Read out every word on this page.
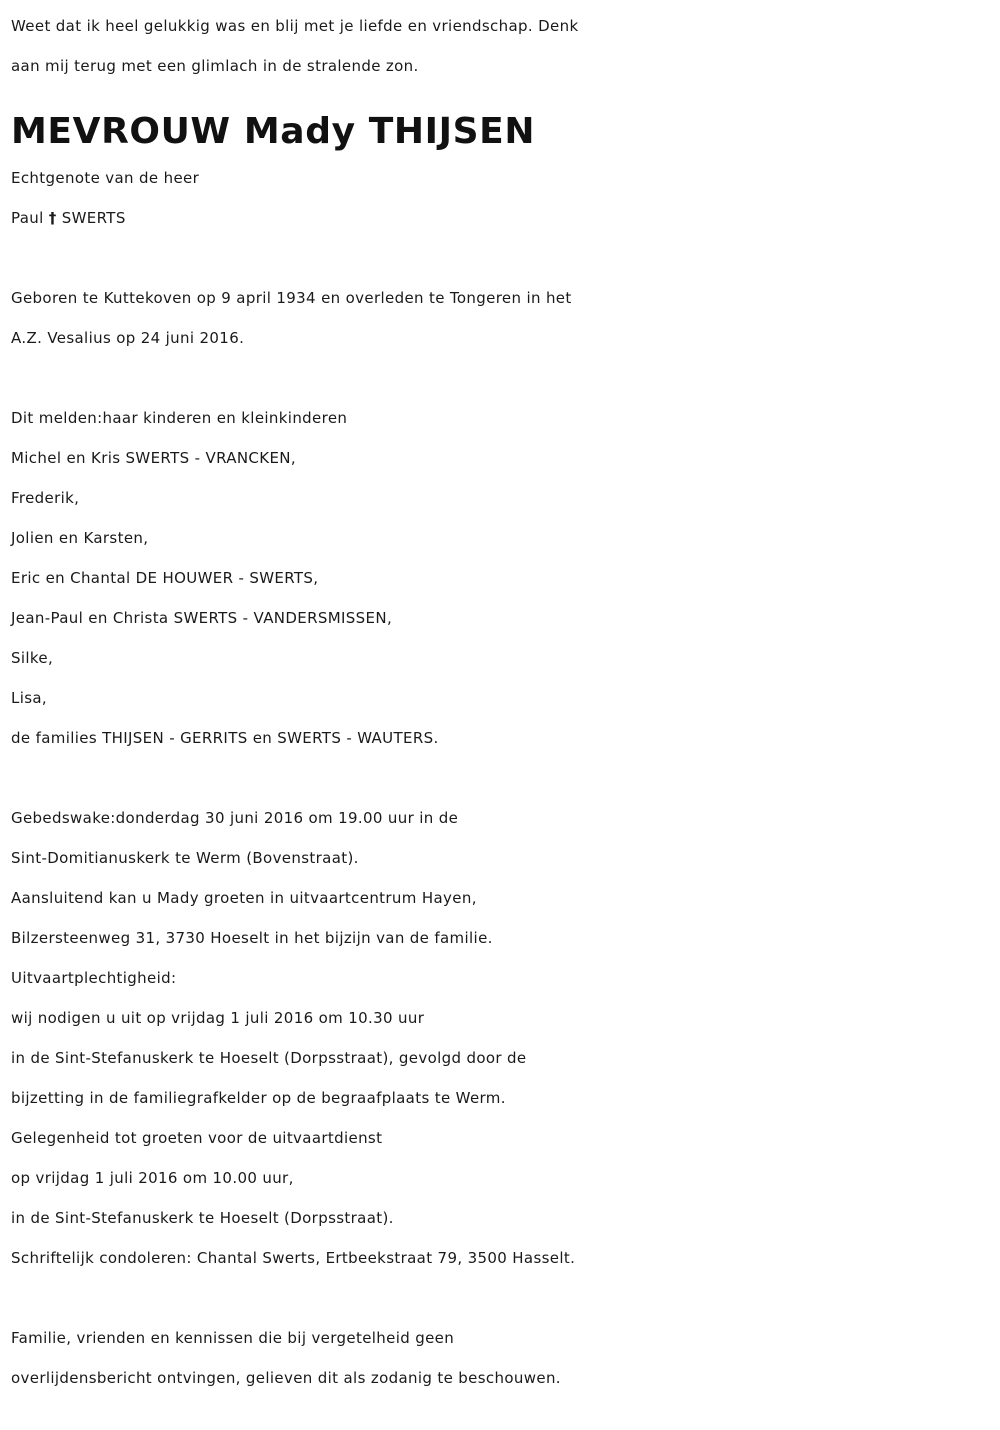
Weet dat ik heel gelukkig was en blij met je liefde en vriendschap. Denk
aan mij terug met een glimlach in de stralende zon.
MEVROUW Mady THIJSEN
Echtgenote van de heer
Paul † SWERTS
Geboren te Kuttekoven op 9 april 1934 en overleden te Tongeren in het
A.Z. Vesalius op 24 juni 2016.
Dit melden:haar kinderen en kleinkinderen
Michel en Kris SWERTS - VRANCKEN,
Frederik,
Jolien en Karsten,
Eric en Chantal DE HOUWER - SWERTS,
Jean-Paul en Christa SWERTS - VANDERSMISSEN,
Silke,
Lisa,
de families THIJSEN - GERRITS en SWERTS - WAUTERS.
Gebedswake:donderdag 30 juni 2016 om 19.00 uur in de
Sint-Domitianuskerk te Werm (Bovenstraat).
Aansluitend kan u Mady groeten in uitvaartcentrum Hayen,
Bilzersteenweg 31, 3730 Hoeselt in het bijzijn van de familie.
Uitvaartplechtigheid:
wij nodigen u uit op vrijdag 1 juli 2016 om 10.30 uur
in de Sint-Stefanuskerk te Hoeselt (Dorpsstraat), gevolgd door de
bijzetting in de familiegrafkelder op de begraafplaats te Werm.
Gelegenheid tot groeten voor de uitvaartdienst
op vrijdag 1 juli 2016 om 10.00 uur,
in de Sint-Stefanuskerk te Hoeselt (Dorpsstraat).
Schriftelijk condoleren: Chantal Swerts, Ertbeekstraat 79, 3500 Hasselt.
Familie, vrienden en kennissen die bij vergetelheid geen
overlijdensbericht ontvingen, gelieven dit als zodanig te beschouwen.
